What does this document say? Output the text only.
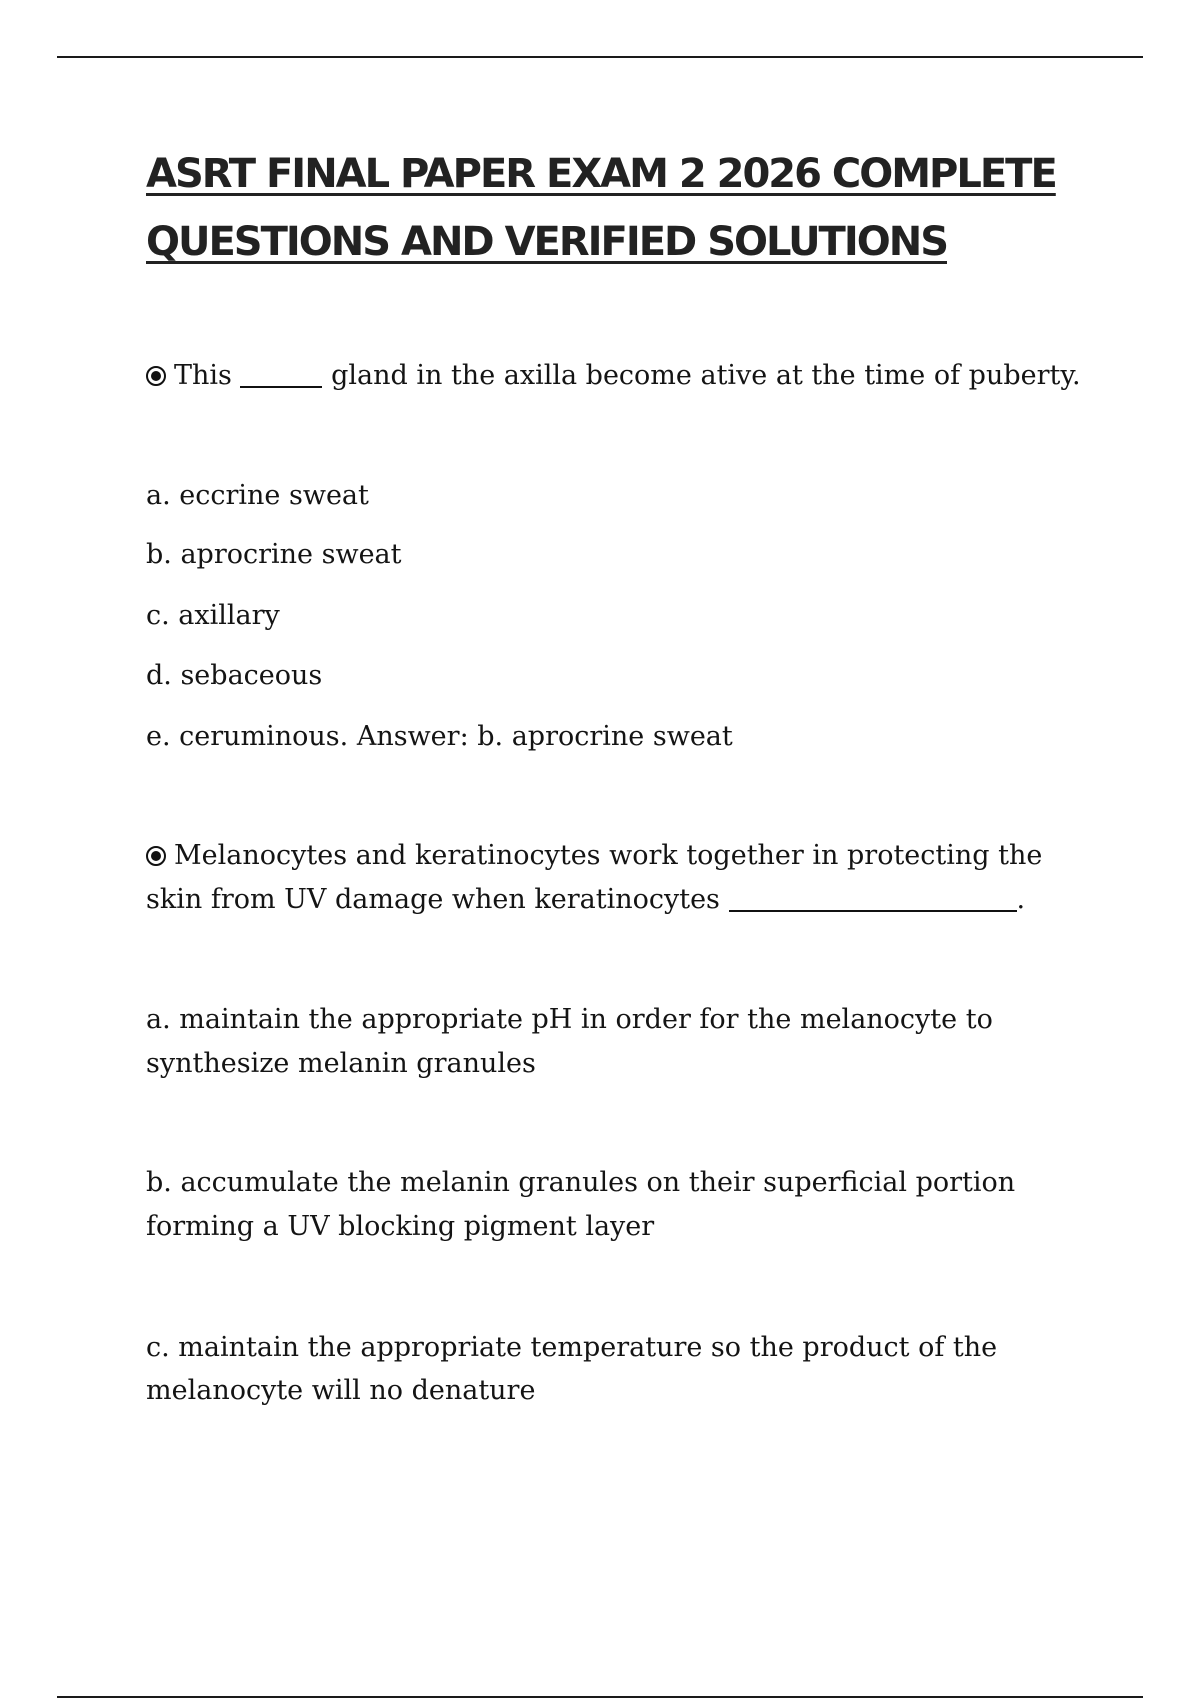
ASRT FINAL PAPER EXAM 2 2026 COMPLETE QUESTIONS AND VERIFIED SOLUTIONS

This	gland in the axilla become ative at the time of puberty.

a. eccrine sweat

b. aprocrine sweat

c. axillary

d. sebaceous

e. ceruminous. Answer: b. aprocrine sweat

Melanocytes and keratinocytes work together in protecting the

skin from UV damage when keratinocytes	.

a. maintain the appropriate pH in order for the melanocyte to

synthesize melanin granules

b. accumulate the melanin granules on their superficial portion

forming a UV blocking pigment layer

c. maintain the appropriate temperature so the product of the

melanocyte will no denature
